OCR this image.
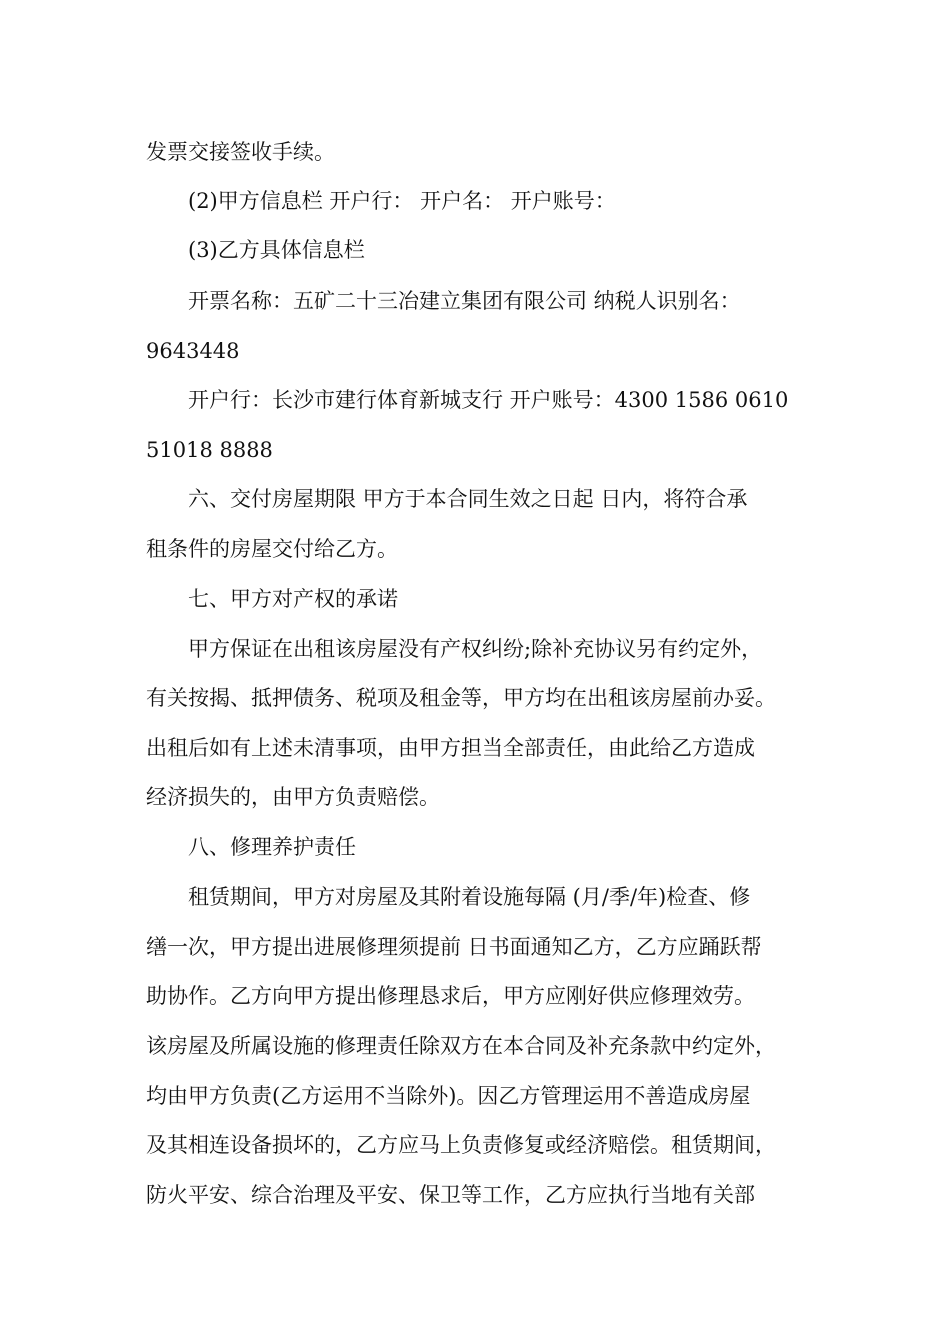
发票交接签收手续。

(2)甲方信息栏 开户行： 开户名： 开户账号：

(3)乙方具体信息栏

开票名称：五矿二十三冶建立集团有限公司 纳税人识别名：

9643448

开户行：长沙市建行体育新城支行 开户账号：4300 1586 0610

51018 8888

六、交付房屋期限 甲方于本合同生效之日起 日内，将符合承

租条件的房屋交付给乙方。

七、甲方对产权的承诺

甲方保证在出租该房屋没有产权纠纷;除补充协议另有约定外，

有关按揭、抵押债务、税项及租金等，甲方均在出租该房屋前办妥。

出租后如有上述未清事项，由甲方担当全部责任，由此给乙方造成

经济损失的，由甲方负责赔偿。

八、修理养护责任

租赁期间，甲方对房屋及其附着设施每隔 (月/季/年)检查、修

缮一次，甲方提出进展修理须提前 日书面通知乙方，乙方应踊跃帮

助协作。乙方向甲方提出修理恳求后，甲方应刚好供应修理效劳。

该房屋及所属设施的修理责任除双方在本合同及补充条款中约定外，

均由甲方负责(乙方运用不当除外)。因乙方管理运用不善造成房屋

及其相连设备损坏的，乙方应马上负责修复或经济赔偿。租赁期间，

防火平安、综合治理及平安、保卫等工作，乙方应执行当地有关部
